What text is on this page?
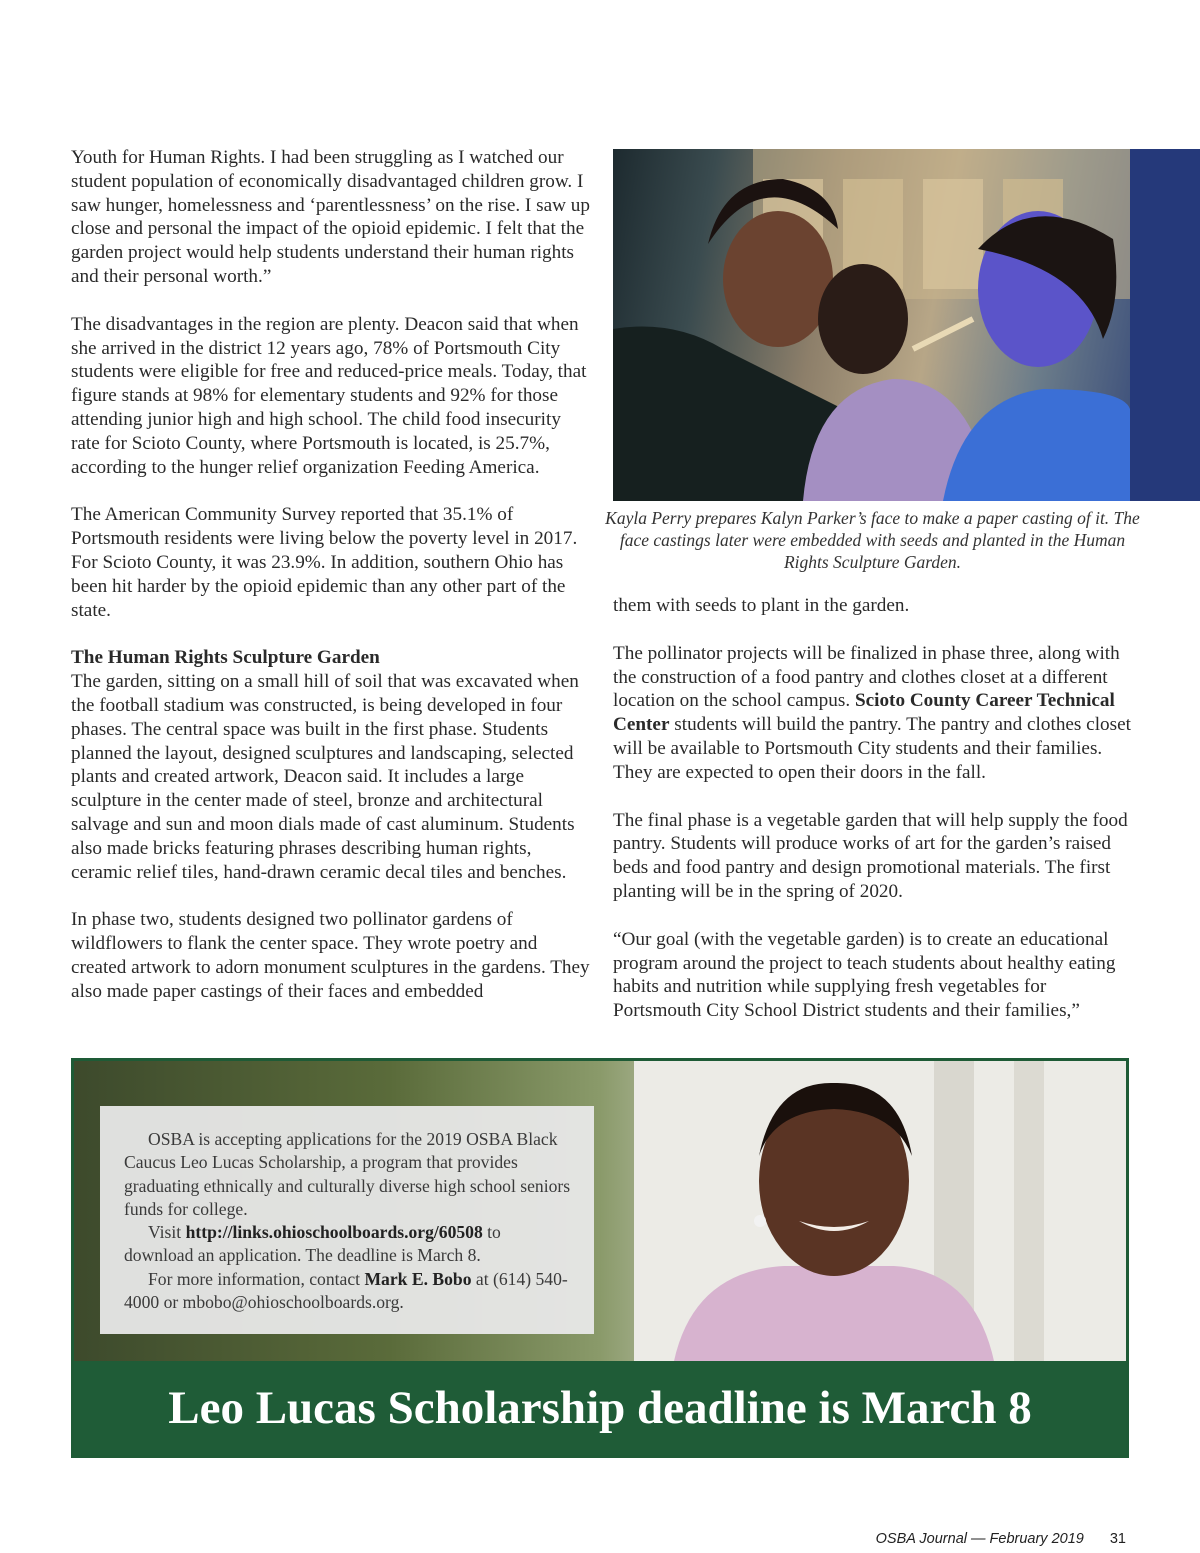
Youth for Human Rights. I had been struggling as I watched our student population of economically disadvantaged children grow. I saw hunger, homelessness and ‘parentlessness’ on the rise. I saw up close and personal the impact of the opioid epidemic. I felt that the garden project would help students understand their human rights and their personal worth.”

The disadvantages in the region are plenty. Deacon said that when she arrived in the district 12 years ago, 78% of Portsmouth City students were eligible for free and reduced-price meals. Today, that figure stands at 98% for elementary students and 92% for those attending junior high and high school. The child food insecurity rate for Scioto County, where Portsmouth is located, is 25.7%, according to the hunger relief organization Feeding America.

The American Community Survey reported that 35.1% of Portsmouth residents were living below the poverty level in 2017. For Scioto County, it was 23.9%. In addition, southern Ohio has been hit harder by the opioid epidemic than any other part of the state.

The Human Rights Sculpture Garden
The garden, sitting on a small hill of soil that was excavated when the football stadium was constructed, is being developed in four phases. The central space was built in the first phase. Students planned the layout, designed sculptures and landscaping, selected plants and created artwork, Deacon said. It includes a large sculpture in the center made of steel, bronze and architectural salvage and sun and moon dials made of cast aluminum. Students also made bricks featuring phrases describing human rights, ceramic relief tiles, hand-drawn ceramic decal tiles and benches.

In phase two, students designed two pollinator gardens of wildflowers to flank the center space. They wrote poetry and created artwork to adorn monument sculptures in the gardens. They also made paper castings of their faces and embedded

Kayla Perry prepares Kalyn Parker’s face to make a paper casting of it. The face castings later were embedded with seeds and planted in the Human Rights Sculpture Garden.

them with seeds to plant in the garden.

The pollinator projects will be finalized in phase three, along with the construction of a food pantry and clothes closet at a different location on the school campus. Scioto County Career Technical Center students will build the pantry. The pantry and clothes closet will be available to Portsmouth City students and their families. They are expected to open their doors in the fall.

The final phase is a vegetable garden that will help supply the food pantry. Students will produce works of art for the garden’s raised beds and food pantry and design promotional materials. The first planting will be in the spring of 2020.

“Our goal (with the vegetable garden) is to create an educational program around the project to teach students about healthy eating habits and nutrition while supplying fresh vegetables for Portsmouth City School District students and their families,”

OSBA is accepting applications for the 2019 OSBA Black Caucus Leo Lucas Scholarship, a program that provides graduating ethnically and culturally diverse high school seniors funds for college.

Visit http://links.ohioschoolboards.org/60508 to download an application. The deadline is March 8.

For more information, contact Mark E. Bobo at (614) 540-4000 or mbobo@ohioschoolboards.org.

Leo Lucas Scholarship deadline is March 8
OSBA Journal — February 2019 31
